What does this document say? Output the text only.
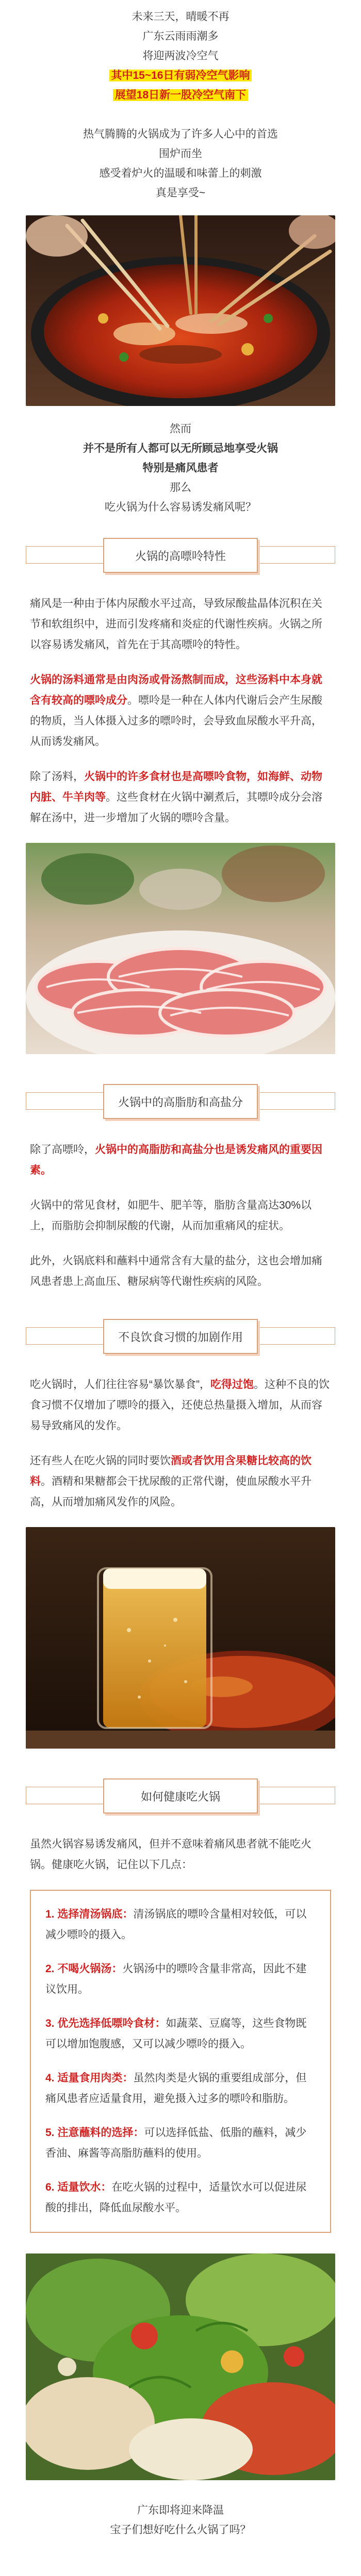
未来三天，晴暖不再

广东云雨雨潮多

将迎两波冷空气

其中15~16日有弱冷空气影响

展望18日新一股冷空气南下

热气腾腾的火锅成为了许多人心中的首选

围炉而坐

感受着炉火的温暖和味蕾上的刺激

真是享受~

然而

并不是所有人都可以无所顾忌地享受火锅

特别是痛风患者

那么

吃火锅为什么容易诱发痛风呢？

火锅的高嘌呤特性

痛风是一种由于体内尿酸水平过高，导致尿酸盐晶体沉积在关节和软组织中，进而引发疼痛和炎症的代谢性疾病。火锅之所以容易诱发痛风，首先在于其高嘌呤的特性。

火锅的汤料通常是由肉汤或骨汤熬制而成，这些汤料中本身就含有较高的嘌呤成分。嘌呤是一种在人体内代谢后会产生尿酸的物质，当人体摄入过多的嘌呤时，会导致血尿酸水平升高，从而诱发痛风。

除了汤料，火锅中的许多食材也是高嘌呤食物，如海鲜、动物内脏、牛羊肉等。这些食材在火锅中涮煮后，其嘌呤成分会溶解在汤中，进一步增加了火锅的嘌呤含量。

火锅中的高脂肪和高盐分

除了高嘌呤，火锅中的高脂肪和高盐分也是诱发痛风的重要因素。

火锅中的常见食材，如肥牛、肥羊等，脂肪含量高达30%以上，而脂肪会抑制尿酸的代谢，从而加重痛风的症状。

此外，火锅底料和蘸料中通常含有大量的盐分，这也会增加痛风患者患上高血压、糖尿病等代谢性疾病的风险。

不良饮食习惯的加剧作用

吃火锅时，人们往往容易“暴饮暴食”，吃得过饱。这种不良的饮食习惯不仅增加了嘌呤的摄入，还使总热量摄入增加，从而容易导致痛风的发作。

还有些人在吃火锅的同时要饮酒或者饮用含果糖比较高的饮料。酒精和果糖都会干扰尿酸的正常代谢，使血尿酸水平升高，从而增加痛风发作的风险。

如何健康吃火锅

虽然火锅容易诱发痛风，但并不意味着痛风患者就不能吃火锅。健康吃火锅，记住以下几点：

1. 选择清汤锅底：清汤锅底的嘌呤含量相对较低，可以减少嘌呤的摄入。

2. 不喝火锅汤：火锅汤中的嘌呤含量非常高，因此不建议饮用。

3. 优先选择低嘌呤食材：如蔬菜、豆腐等，这些食物既可以增加饱腹感，又可以减少嘌呤的摄入。

4. 适量食用肉类：虽然肉类是火锅的重要组成部分，但痛风患者应适量食用，避免摄入过多的嘌呤和脂肪。

5. 注意蘸料的选择：可以选择低盐、低脂的蘸料，减少香油、麻酱等高脂肪蘸料的使用。

6. 适量饮水：在吃火锅的过程中，适量饮水可以促进尿酸的排出，降低血尿酸水平。

广东即将迎来降温

宝子们想好吃什么火锅了吗？
